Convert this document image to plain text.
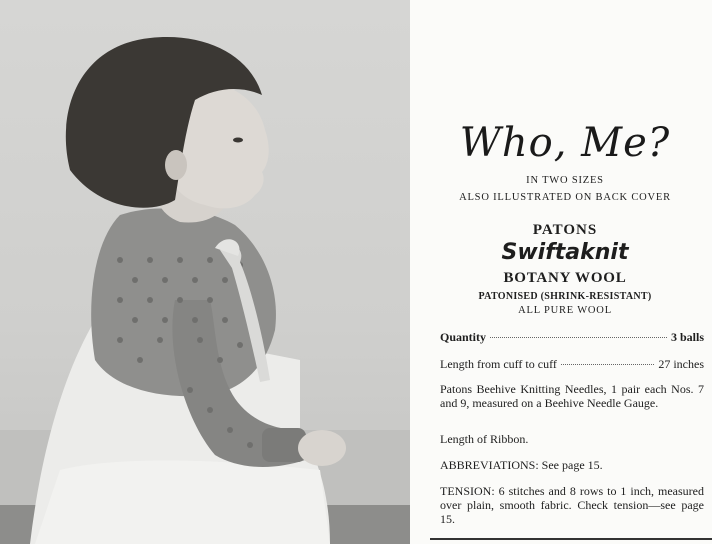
Who, Me?
IN TWO SIZES
ALSO ILLUSTRATED ON BACK COVER
PATONS
Swiftaknit
BOTANY WOOL
PATONISED (SHRINK-RESISTANT)
ALL PURE WOOL
Quantity	3 balls
Length from cuff to cuff	27 inches
Patons Beehive Knitting Needles, 1 pair each Nos. 7 and 9, measured on a Beehive Needle Gauge.
Length of Ribbon.
ABBREVIATIONS: See page 15.
TENSION: 6 stitches and 8 rows to 1 inch, measured over plain, smooth fabric. Check tension—see page 15.
